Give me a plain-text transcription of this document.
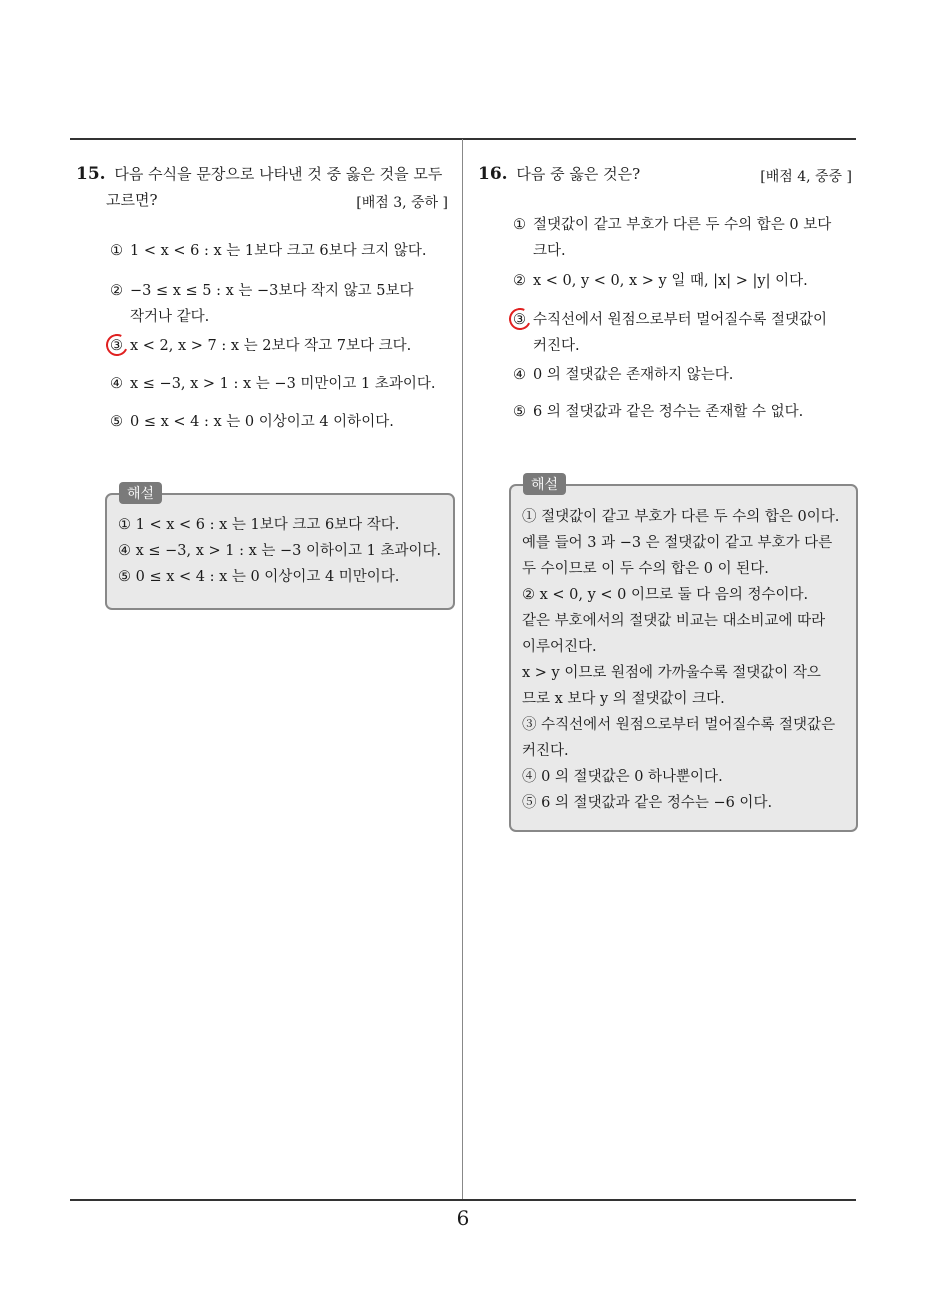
15. 다음 수식을 문장으로 나타낸 것 중 옳은 것을 모두
고르면?	[배점 3, 중하 ]
① 1 < x < 6 : x 는 1보다 크고 6보다 크지 않다.
② −3 ≤ x ≤ 5 : x 는 −3보다 작지 않고 5보다
작거나 같다.
③ x < 2, x > 7 : x 는 2보다 작고 7보다 크다.
④ x ≤ −3, x > 1 : x 는 −3 미만이고 1 초과이다.
⑤ 0 ≤ x < 4 : x 는 0 이상이고 4 이하이다.
① 1 < x < 6 : x 는 1보다 크고 6보다 작다.
④ x ≤ −3, x > 1 : x 는 −3 이하이고 1 초과이다.
⑤ 0 ≤ x < 4 : x 는 0 이상이고 4 미만이다.
해설
16. 다음 중 옳은 것은?	[배점 4, 중중 ]
① 절댓값이 같고 부호가 다른 두 수의 합은 0 보다
크다.
② x < 0, y < 0, x > y 일 때, |x| > |y| 이다.
③ 수직선에서 원점으로부터 멀어질수록 절댓값이
커진다.
④ 0 의 절댓값은 존재하지 않는다.
⑤ 6 의 절댓값과 같은 정수는 존재할 수 없다.
① 절댓값이 같고 부호가 다른 두 수의 합은 0이다.
예를 들어 3 과 −3 은 절댓값이 같고 부호가 다른
두 수이므로 이 두 수의 합은 0 이 된다.
② x < 0, y < 0 이므로 둘 다 음의 정수이다.
같은 부호에서의 절댓값 비교는 대소비교에 따라
이루어진다.
x > y 이므로 원점에 가까울수록 절댓값이 작으
므로 x 보다 y 의 절댓값이 크다.
③ 수직선에서 원점으로부터 멀어질수록 절댓값은
커진다.
④ 0 의 절댓값은 0 하나뿐이다.
⑤ 6 의 절댓값과 같은 정수는 −6 이다.
해설
6
